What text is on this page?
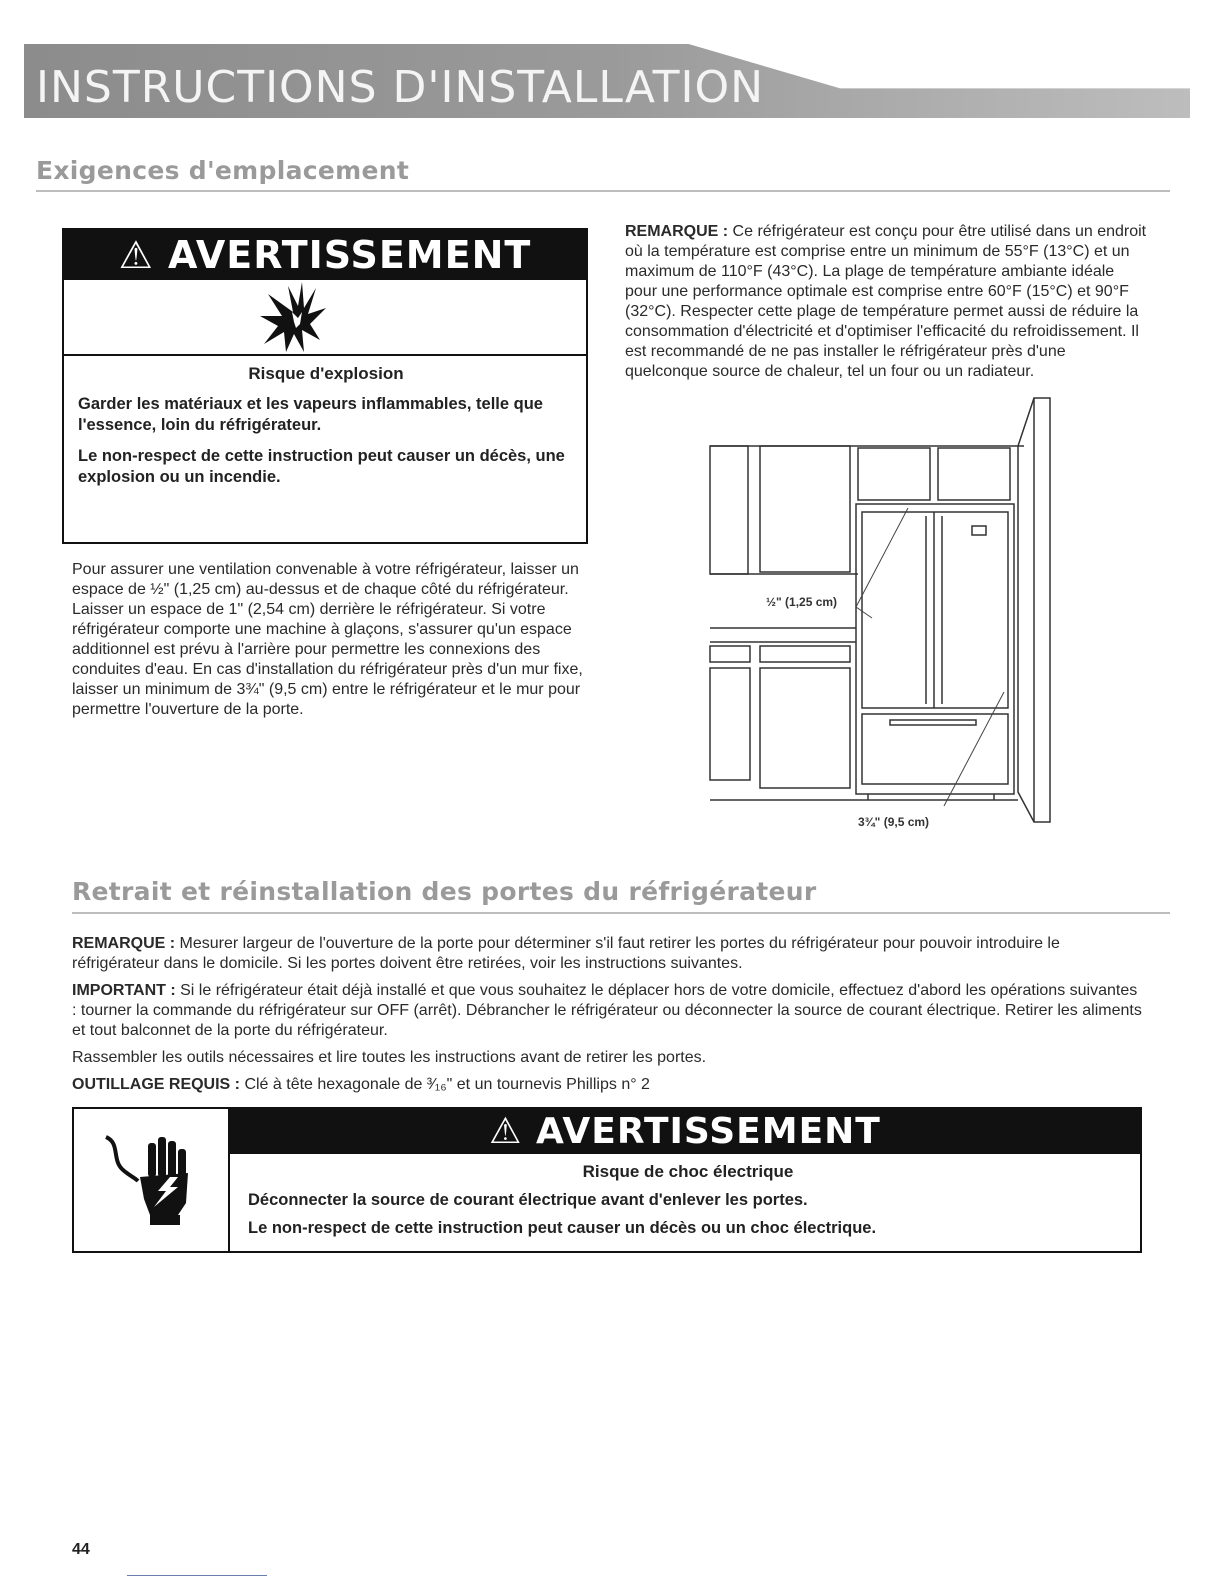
INSTRUCTIONS D'INSTALLATION
Exigences d'emplacement
⚠ AVERTISSEMENT

Risque d'explosion

Garder les matériaux et les vapeurs inflammables, telle que l'essence, loin du réfrigérateur.

Le non-respect de cette instruction peut causer un décès, une explosion ou un incendie.

Pour assurer une ventilation convenable à votre réfrigérateur, laisser un espace de ½" (1,25 cm) au-dessus et de chaque côté du réfrigérateur. Laisser un espace de 1" (2,54 cm) derrière le réfrigérateur. Si votre réfrigérateur comporte une machine à glaçons, s'assurer qu'un espace additionnel est prévu à l'arrière pour permettre les connexions des conduites d'eau. En cas d'installation du réfrigérateur près d'un mur fixe, laisser un minimum de 3¾" (9,5 cm) entre le réfrigérateur et le mur pour permettre l'ouverture de la porte.
REMARQUE : Ce réfrigérateur est conçu pour être utilisé dans un endroit où la température est comprise entre un minimum de 55°F (13°C) et un maximum de 110°F (43°C). La plage de température ambiante idéale pour une performance optimale est comprise entre 60°F (15°C) et 90°F (32°C). Respecter cette plage de température permet aussi de réduire la consommation d'électricité et d'optimiser l'efficacité du refroidissement. Il est recommandé de ne pas installer le réfrigérateur près d'une quelconque source de chaleur, tel un four ou un radiateur.
½" (1,25 cm)
3¾" (9,5 cm)
Retrait et réinstallation des portes du réfrigérateur

REMARQUE : Mesurer largeur de l'ouverture de la porte pour déterminer s'il faut retirer les portes du réfrigérateur pour pouvoir introduire le réfrigérateur dans le domicile. Si les portes doivent être retirées, voir les instructions suivantes.

IMPORTANT : Si le réfrigérateur était déjà installé et que vous souhaitez le déplacer hors de votre domicile, effectuez d'abord les opérations suivantes : tourner la commande du réfrigérateur sur OFF (arrêt). Débrancher le réfrigérateur ou déconnecter la source de courant électrique. Retirer les aliments et tout balconnet de la porte du réfrigérateur.

Rassembler les outils nécessaires et lire toutes les instructions avant de retirer les portes.

OUTILLAGE REQUIS : Clé à tête hexagonale de ³⁄₁₆" et un tournevis Phillips n° 2

⚠ AVERTISSEMENT

Risque de choc électrique

Déconnecter la source de courant électrique avant d'enlever les portes.

Le non-respect de cette instruction peut causer un décès ou un choc électrique.

44
